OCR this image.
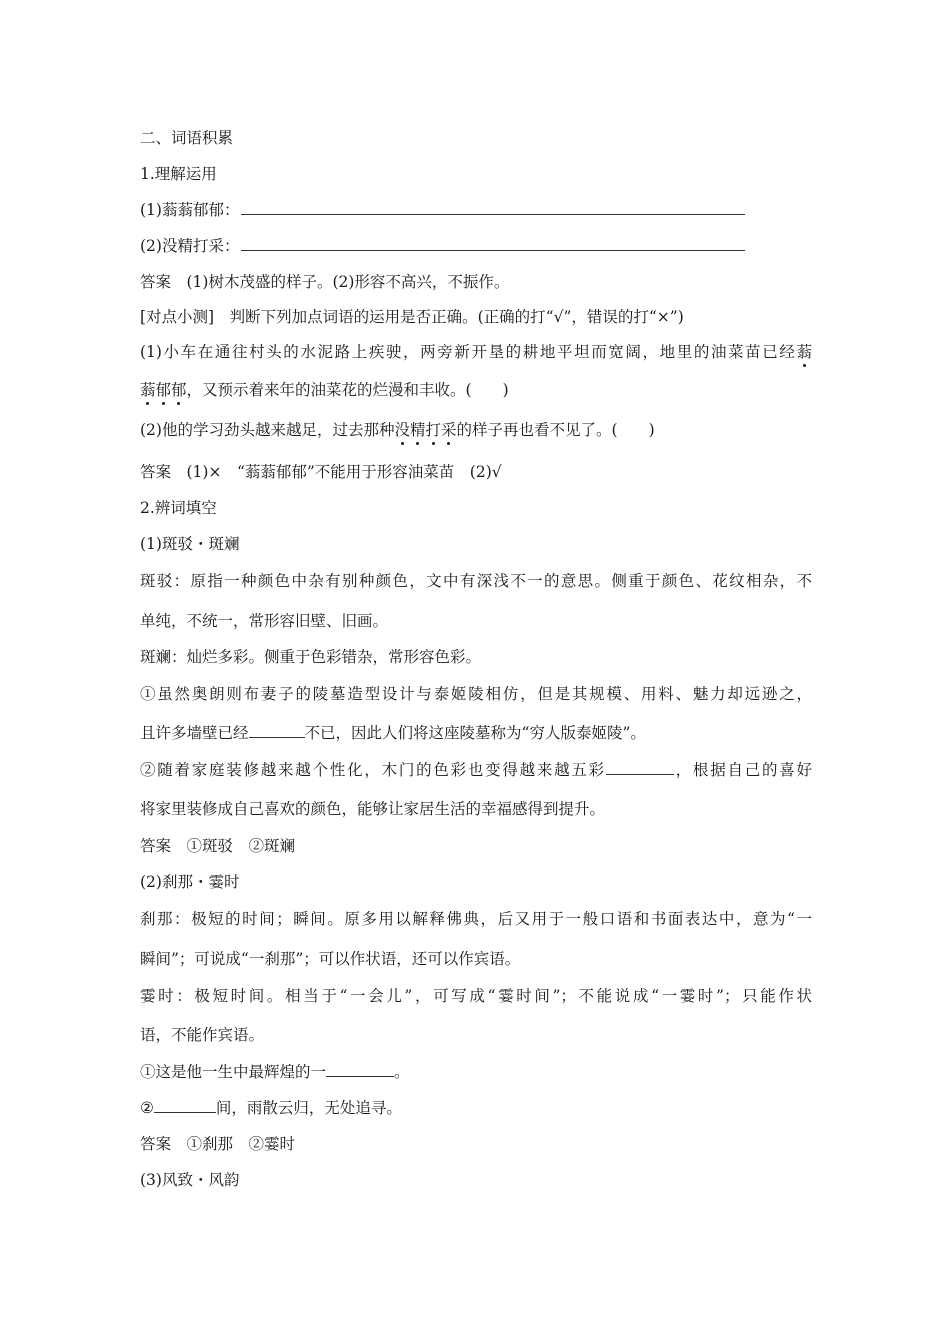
二、词语积累
1.理解运用
(1)蓊蓊郁郁：
(2)没精打采：
答案　(1)树木茂盛的样子。(2)形容不高兴，不振作。
[对点小测]　判断下列加点词语的运用是否正确。(正确的打“√”，错误的打“×”)
(1)小车在通往村头的水泥路上疾驶，两旁新开垦的耕地平坦而宽阔，地里的油菜苗已经蓊
蓊郁郁，又预示着来年的油菜花的烂漫和丰收。(　　)
(2)他的学习劲头越来越足，过去那种没精打采的样子再也看不见了。(　　)
答案　(1)×　“蓊蓊郁郁”不能用于形容油菜苗　(2)√
2.辨词填空
(1)斑驳・斑斓
斑驳：原指一种颜色中杂有别种颜色，文中有深浅不一的意思。侧重于颜色、花纹相杂，不
单纯，不统一，常形容旧壁、旧画。
斑斓：灿烂多彩。侧重于色彩错杂，常形容色彩。
①虽然奥朗则布妻子的陵墓造型设计与泰姬陵相仿，但是其规模、用料、魅力却远逊之，
且许多墙壁已经	不已，因此人们将这座陵墓称为“穷人版泰姬陵”。
②随着家庭装修越来越个性化，木门的色彩也变得越来越五彩	，根据自己的喜好
将家里装修成自己喜欢的颜色，能够让家居生活的幸福感得到提升。
答案　①斑驳　②斑斓
(2)刹那・霎时
刹那：极短的时间；瞬间。原多用以解释佛典，后又用于一般口语和书面表达中，意为“一
瞬间”；可说成“一刹那”；可以作状语，还可以作宾语。
霎时：极短时间。相当于“一会儿”，可写成“霎时间”；不能说成“一霎时”；只能作状
语，不能作宾语。
①这是他一生中最辉煌的一	。
②	间，雨散云归，无处追寻。
答案　①刹那　②霎时
(3)风致・风韵
